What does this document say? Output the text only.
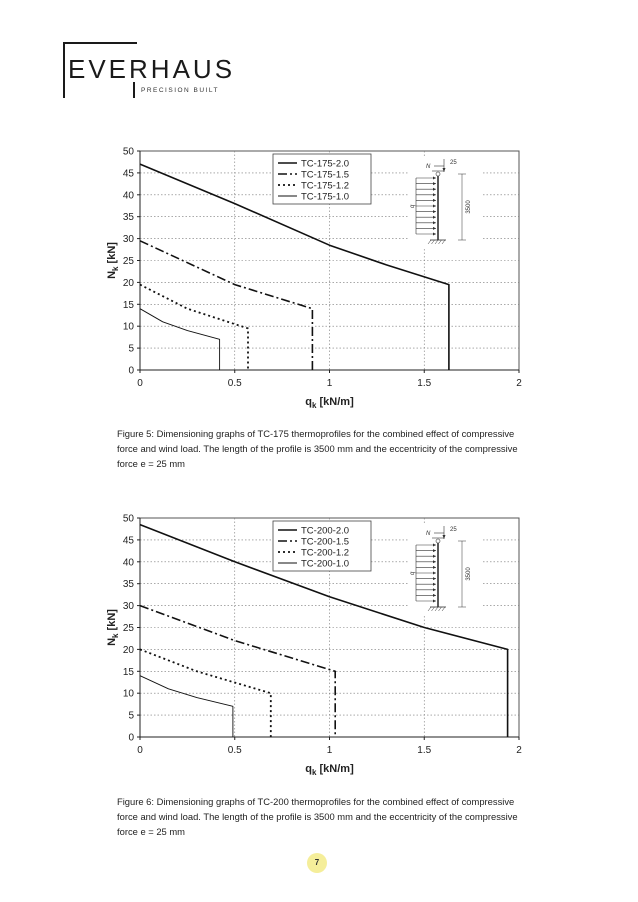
EVERHAUS
PRECISION BUILT
0
5
10
15
20
25
30
35
40
45
50
0	0.5	1	1.5	2
$q_k$ [kN/m]
$N_k$ [kN]
TC-175-2.0
TC-175-1.5
TC-175-1.2
TC-175-1.0
q
N
25
3500

Figure 5: Dimensioning graphs of TC-175 thermoprofiles for the combined effect of compressive force and wind load. The length of the profile is 3500 mm and the eccentricity of the compressive force e = 25 mm

0
5
10
15
20
25
30
35
40
45
50
0	0.5	1	1.5	2
$q_k$ [kN/m]
$N_k$ [kN]
TC-200-2.0
TC-200-1.5
TC-200-1.2
TC-200-1.0
q
N
25
3500

Figure 6: Dimensioning graphs of TC-200 thermoprofiles for the combined effect of compressive force and wind load. The length of the profile is 3500 mm and the eccentricity of the compressive force e = 25 mm

7
